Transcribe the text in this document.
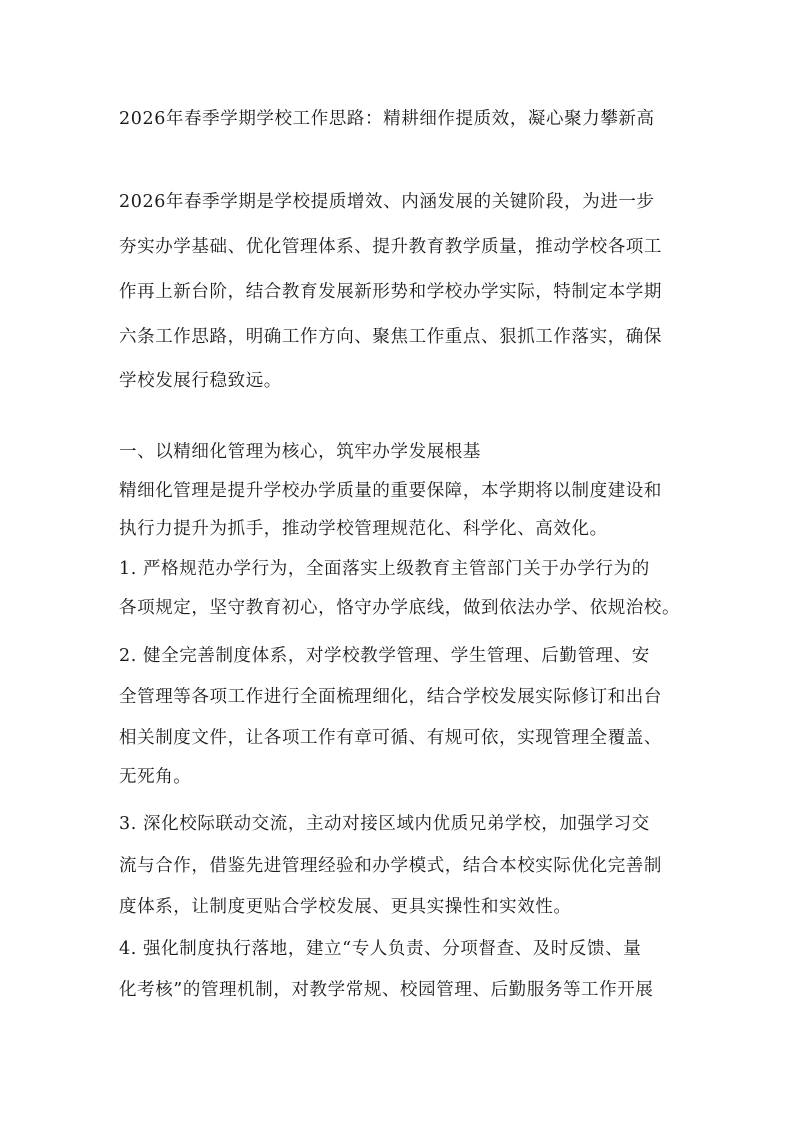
2026年春季学期学校工作思路：精耕细作提质效，凝心聚力攀新高
2026年春季学期是学校提质增效、内涵发展的关键阶段，为进一步
夯实办学基础、优化管理体系、提升教育教学质量，推动学校各项工
作再上新台阶，结合教育发展新形势和学校办学实际，特制定本学期
六条工作思路，明确工作方向、聚焦工作重点、狠抓工作落实，确保
学校发展行稳致远。
一、以精细化管理为核心，筑牢办学发展根基
精细化管理是提升学校办学质量的重要保障，本学期将以制度建设和
执行力提升为抓手，推动学校管理规范化、科学化、高效化。
1. 严格规范办学行为，全面落实上级教育主管部门关于办学行为的
各项规定，坚守教育初心，恪守办学底线，做到依法办学、依规治校。
2. 健全完善制度体系，对学校教学管理、学生管理、后勤管理、安
全管理等各项工作进行全面梳理细化，结合学校发展实际修订和出台
相关制度文件，让各项工作有章可循、有规可依，实现管理全覆盖、
无死角。
3. 深化校际联动交流，主动对接区域内优质兄弟学校，加强学习交
流与合作，借鉴先进管理经验和办学模式，结合本校实际优化完善制
度体系，让制度更贴合学校发展、更具实操性和实效性。
4. 强化制度执行落地，建立“专人负责、分项督查、及时反馈、量
化考核”的管理机制，对教学常规、校园管理、后勤服务等工作开展
